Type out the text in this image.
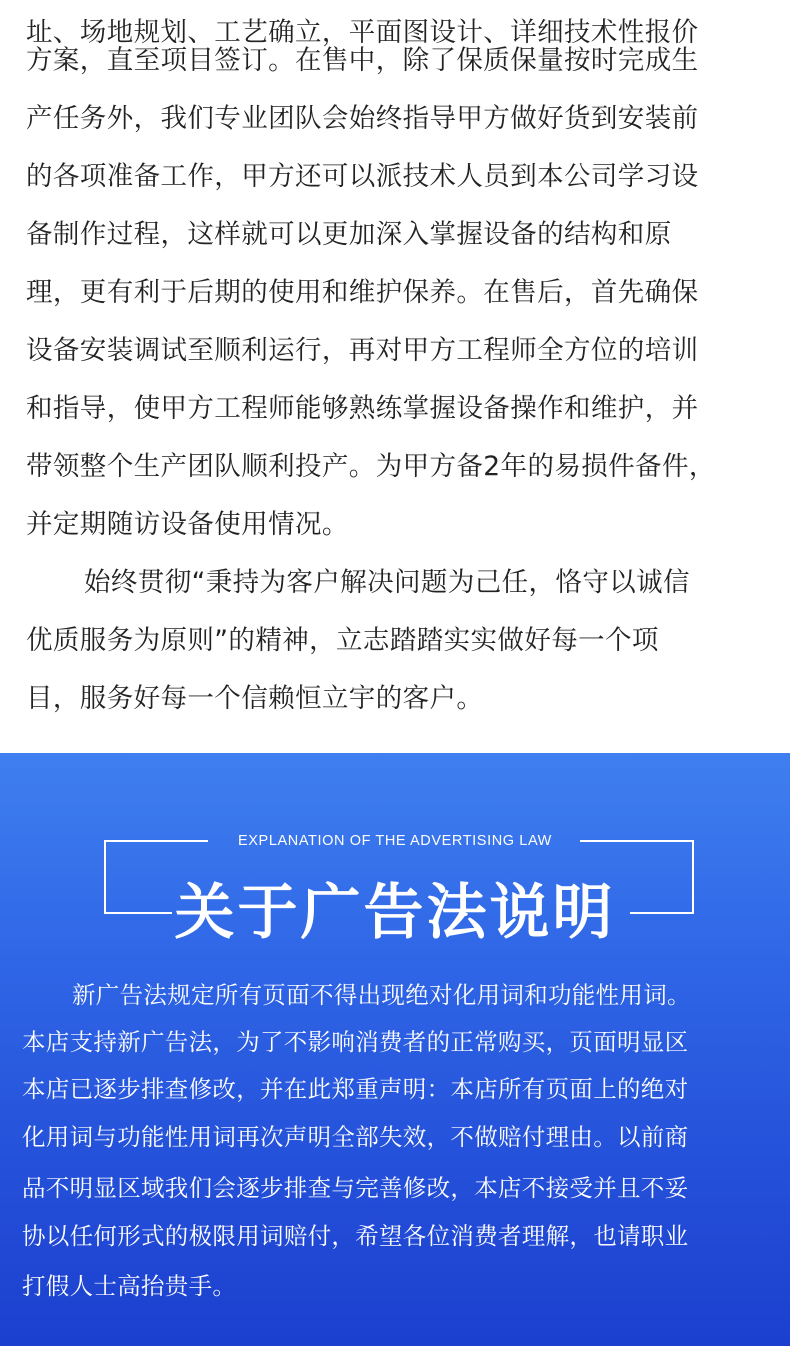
址、场地规划、工艺确立，平面图设计、详细技术性报价
方案，直至项目签订。在售中，除了保质保量按时完成生
产任务外，我们专业团队会始终指导甲方做好货到安装前
的各项准备工作，甲方还可以派技术人员到本公司学习设
备制作过程，这样就可以更加深入掌握设备的结构和原
理，更有利于后期的使用和维护保养。在售后，首先确保
设备安装调试至顺利运行，再对甲方工程师全方位的培训
和指导，使甲方工程师能够熟练掌握设备操作和维护，并
带领整个生产团队顺利投产。为甲方备2年的易损件备件，
并定期随访设备使用情况。
始终贯彻“秉持为客户解决问题为己任，恪守以诚信
优质服务为原则”的精神，立志踏踏实实做好每一个项
目，服务好每一个信赖恒立宇的客户。
EXPLANATION OF THE ADVERTISING LAW
关于广告法说明
新广告法规定所有页面不得出现绝对化用词和功能性用词。
本店支持新广告法，为了不影响消费者的正常购买，页面明显区
本店已逐步排查修改，并在此郑重声明：本店所有页面上的绝对
化用词与功能性用词再次声明全部失效，不做赔付理由。以前商
品不明显区域我们会逐步排查与完善修改，本店不接受并且不妥
协以任何形式的极限用词赔付，希望各位消费者理解，也请职业
打假人士高抬贵手。
